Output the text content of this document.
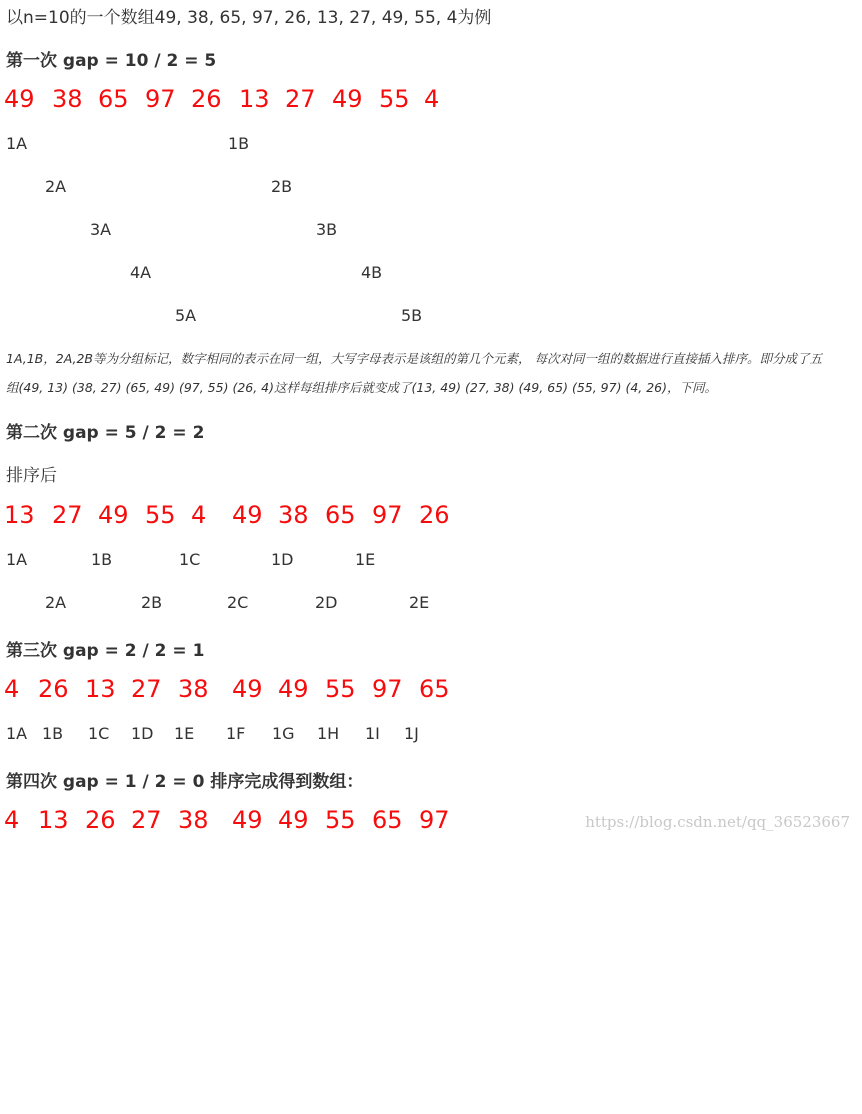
以n=10的一个数组49, 38, 65, 97, 26, 13, 27, 49, 55, 4为例
第一次 gap = 10 / 2 = 5

49

38

65

97

26

13

27

49

55

4

1A

	1B

2A

	2B

3A

	3B

4A

	4B

5A

	5B

1A,1B，2A,2B等为分组标记，数字相同的表示在同一组，大写字母表示是该组的第几个元素， 每次对同一组的数据进行直接插入排序。即分成了五
组(49, 13) (38, 27) (65, 49) (97, 55) (26, 4)这样每组排序后就变成了(13, 49) (27, 38) (49, 65) (55, 97) (4, 26)，下同。
第二次 gap = 5 / 2 = 2
排序后

13

27

49

55

4

49

38

65

97

26

1A

	1B

	1C

	1D

	1E

2A

	2B

	2C

	2D

	2E

第三次 gap = 2 / 2 = 1

4

26

13

27

38

49

49

55

97

65

1A

1B

1C

1D

1E

1F

1G

1H

1I

1J

第四次 gap = 1 / 2 = 0 排序完成得到数组：

4

13

26

27

38

49

49

55

65

97	https://blog.csdn.net/qq_36523667
